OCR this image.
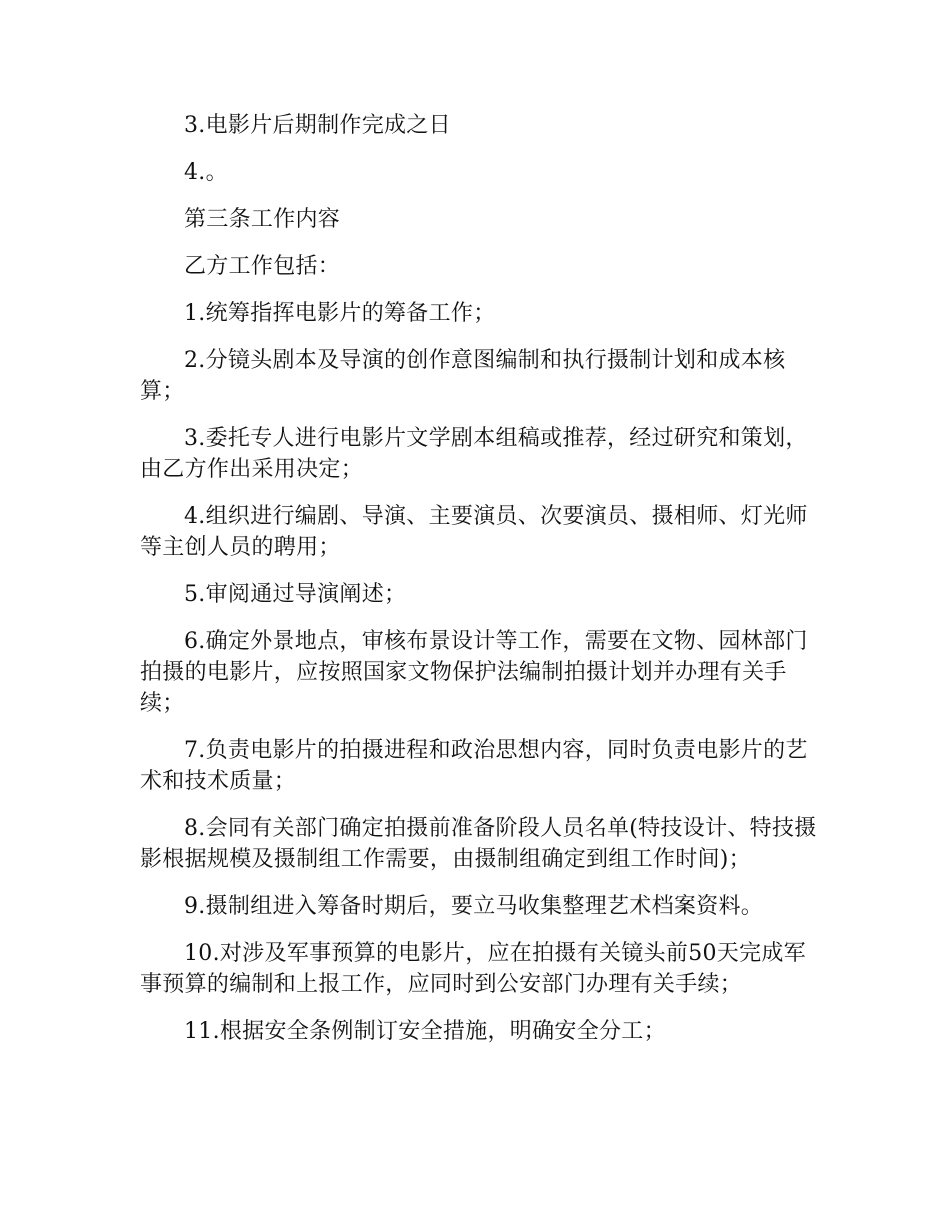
3.电影片后期制作完成之日

4.。

第三条工作内容

乙方工作包括：

1.统筹指挥电影片的筹备工作；

2.分镜头剧本及导演的创作意图编制和执行摄制计划和成本核算；

3.委托专人进行电影片文学剧本组稿或推荐，经过研究和策划，由乙方作出采用决定；

4.组织进行编剧、导演、主要演员、次要演员、摄相师、灯光师等主创人员的聘用；

5.审阅通过导演阐述；

6.确定外景地点，审核布景设计等工作，需要在文物、园林部门拍摄的电影片，应按照国家文物保护法编制拍摄计划并办理有关手续；

7.负责电影片的拍摄进程和政治思想内容，同时负责电影片的艺术和技术质量；

8.会同有关部门确定拍摄前准备阶段人员名单(特技设计、特技摄影根据规模及摄制组工作需要，由摄制组确定到组工作时间)；

9.摄制组进入筹备时期后，要立马收集整理艺术档案资料。

10.对涉及军事预算的电影片，应在拍摄有关镜头前50天完成军事预算的编制和上报工作，应同时到公安部门办理有关手续；

11.根据安全条例制订安全措施，明确安全分工；
